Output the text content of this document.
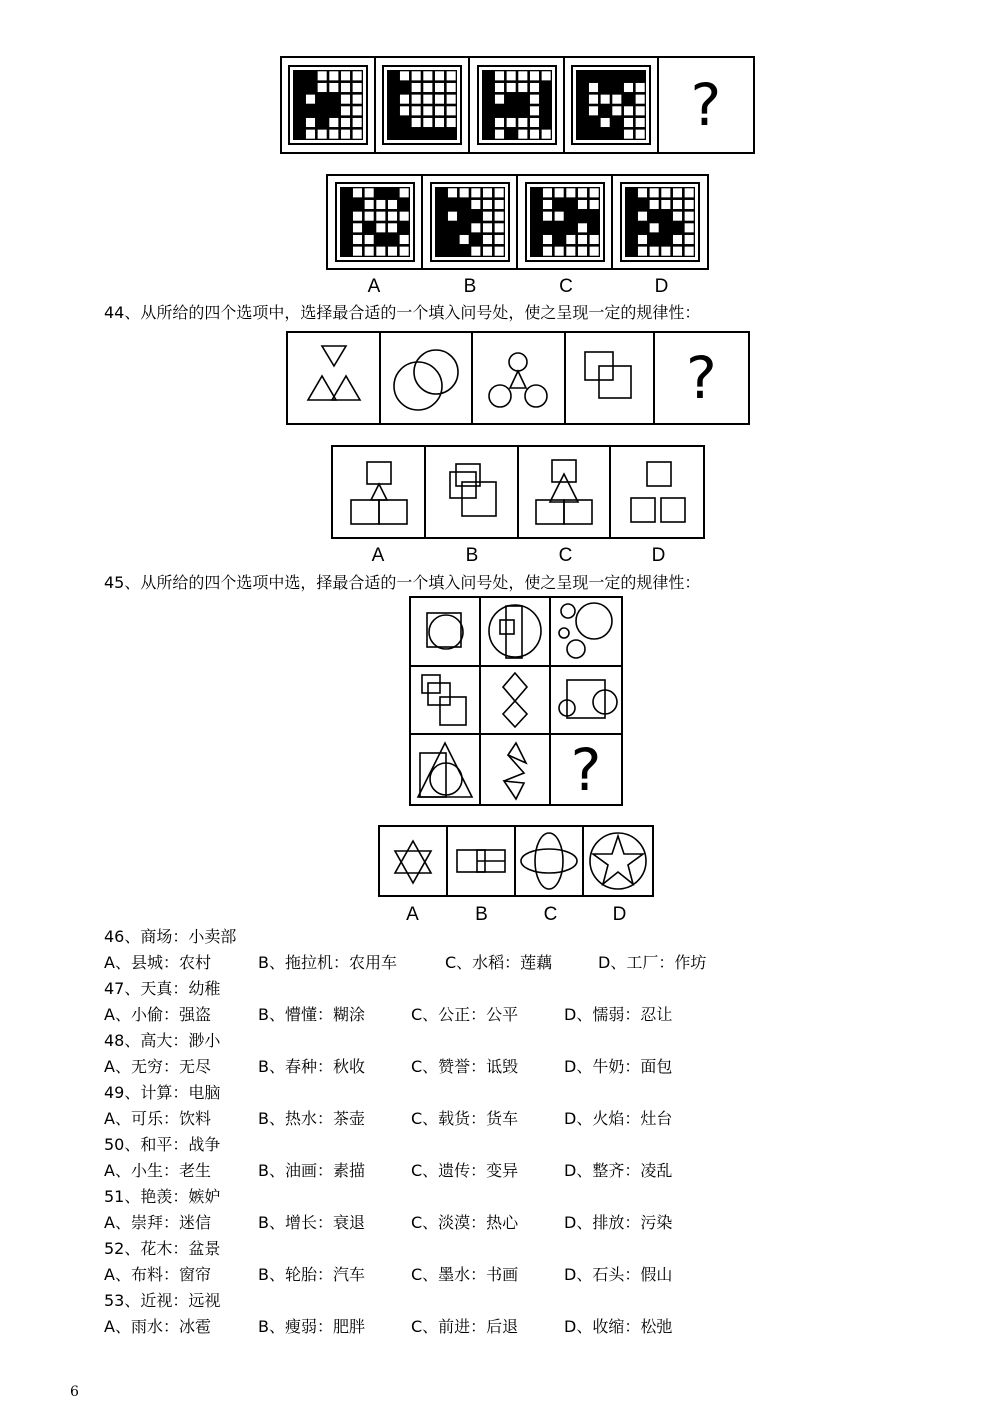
?
A	B	C	D
44、从所给的四个选项中，选择最合适的一个填入问号处，使之呈现一定的规律性：
?
A	B	C	D
45、从所给的四个选项中选，择最合适的一个填入问号处，使之呈现一定的规律性：
?
A	B	C	D
46、商场：小卖部
A、县城：农村	B、拖拉机：农用车	C、水稻：莲藕	D、工厂：作坊
47、天真：幼稚
A、小偷：强盗	B、懵懂：糊涂	C、公正：公平	D、懦弱：忍让
48、高大：渺小
A、无穷：无尽	B、春种：秋收	C、赞誉：诋毁	D、牛奶：面包
49、计算：电脑
A、可乐：饮料	B、热水：茶壶	C、载货：货车	D、火焰：灶台
50、和平：战争
A、小生：老生	B、油画：素描	C、遗传：变异	D、整齐：凌乱
51、艳羡：嫉妒
A、崇拜：迷信	B、增长：衰退	C、淡漠：热心	D、排放：污染
52、花木：盆景
A、布料：窗帘	B、轮胎：汽车	C、墨水：书画	D、石头：假山
53、近视：远视
A、雨水：冰雹	B、瘦弱：肥胖	C、前进：后退	D、收缩：松弛
6
